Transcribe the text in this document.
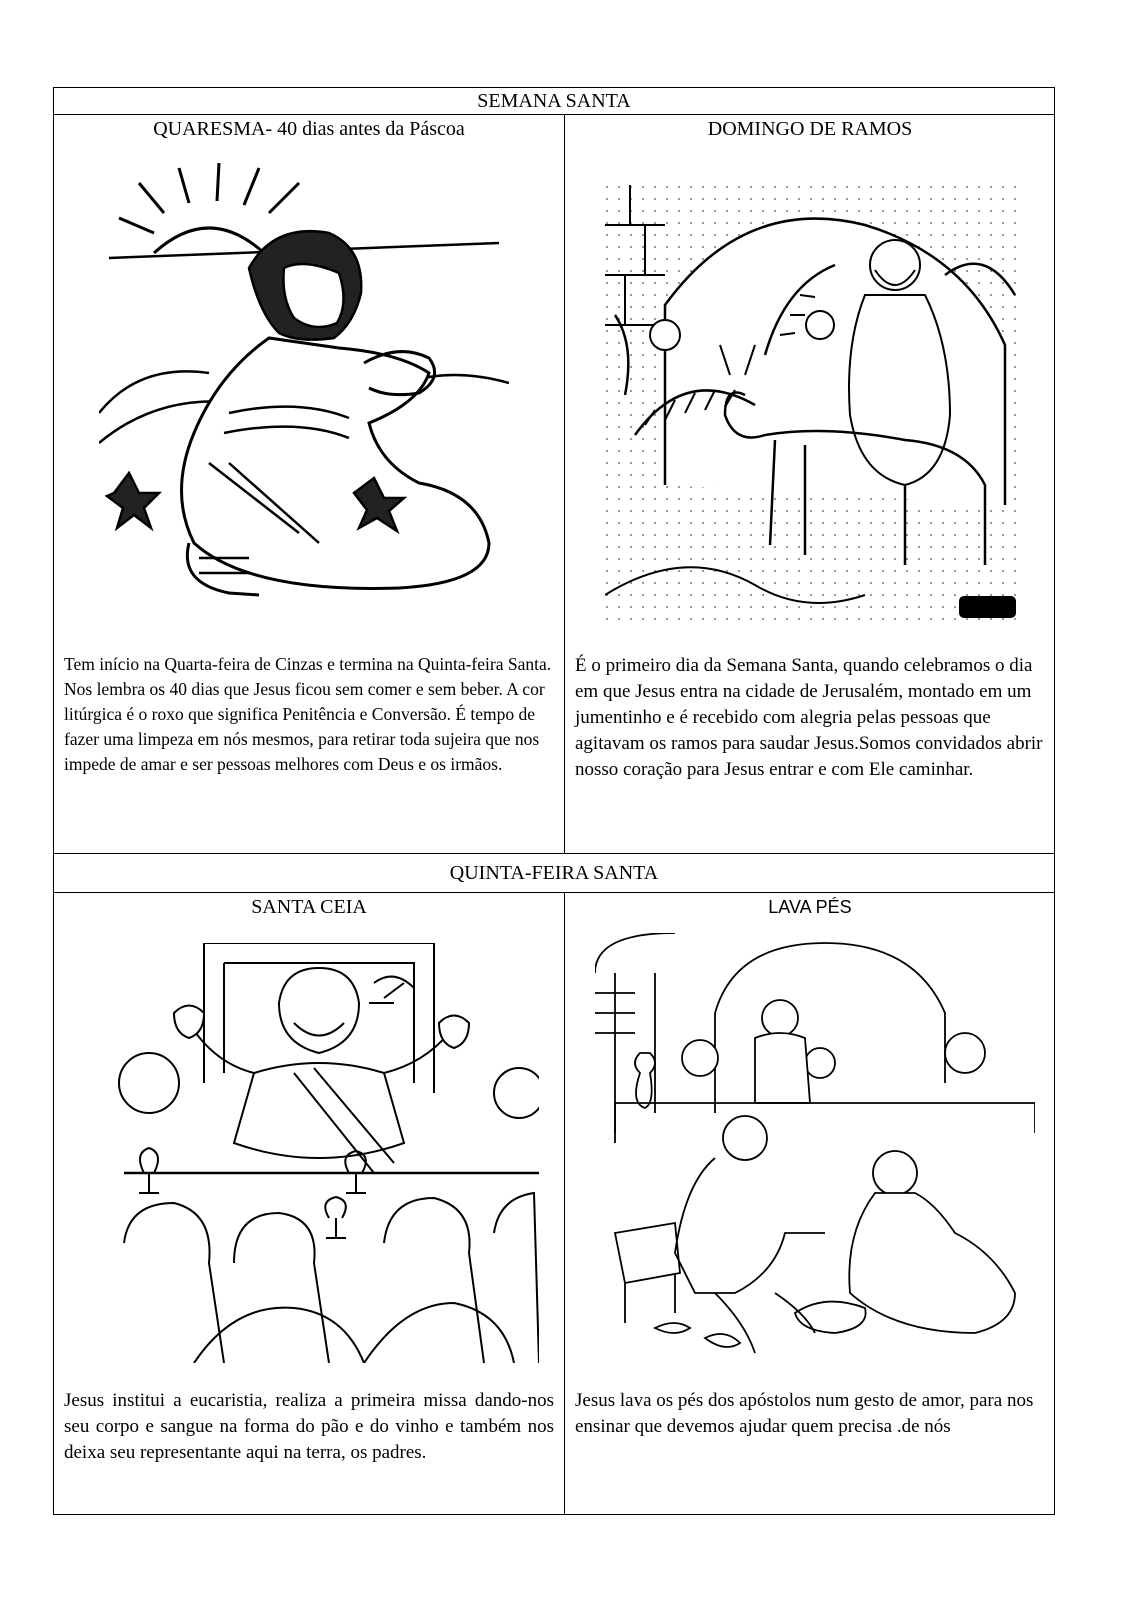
SEMANA SANTA
QUARESMA- 40 dias antes da Páscoa
Tem início na Quarta-feira de Cinzas e termina na Quinta-feira Santa. Nos lembra os 40 dias que Jesus ficou sem comer e sem beber. A cor litúrgica é o roxo que significa Penitência e Conversão. É tempo de fazer uma limpeza em nós mesmos, para retirar toda sujeira que nos impede de amar e ser pessoas melhores com Deus e os irmãos.
DOMINGO DE RAMOS
É o primeiro dia da Semana Santa, quando celebramos o dia em que Jesus entra na cidade de Jerusalém, montado em um jumentinho e é recebido com alegria pelas pessoas que agitavam os ramos para saudar Jesus.Somos convidados abrir nosso coração para Jesus entrar e com Ele caminhar.
QUINTA-FEIRA SANTA
SANTA CEIA
Jesus institui a eucaristia, realiza a primeira missa dando-nos seu corpo e sangue na forma do pão e do vinho e também nos deixa seu representante aqui na terra, os padres.
LAVA PÉS
Jesus lava os pés dos apóstolos num gesto de amor, para nos ensinar que devemos ajudar quem precisa .de nós
